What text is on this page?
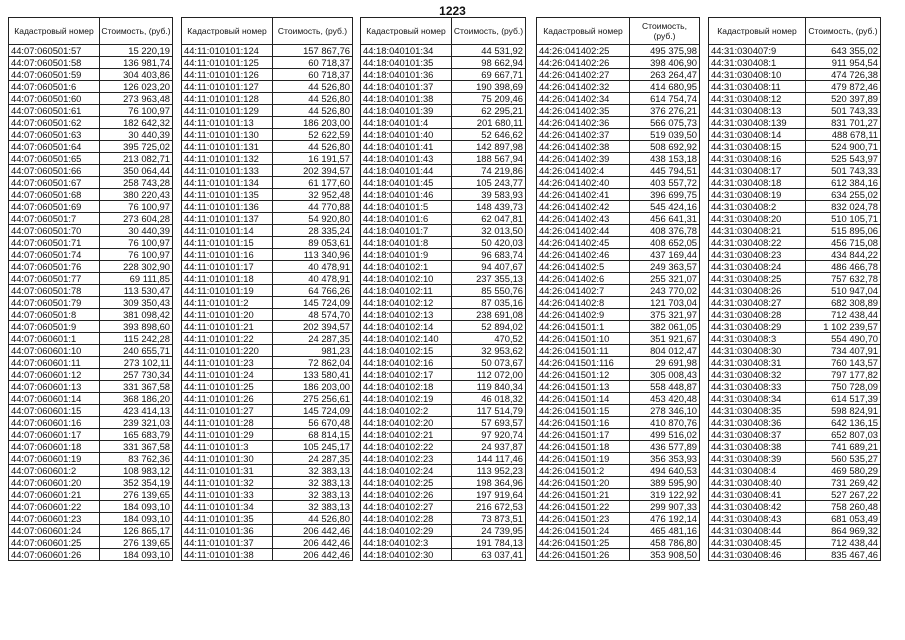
1223
Кадастровый номер	Стоимость, (руб.)
44:07:060501:57	15 220,19
44:07:060501:58	136 981,74
44:07:060501:59	304 403,86
44:07:060501:6	126 023,20
44:07:060501:60	273 963,48
44:07:060501:61	76 100,97
44:07:060501:62	182 642,32
44:07:060501:63	30 440,39
44:07:060501:64	395 725,02
44:07:060501:65	213 082,71
44:07:060501:66	350 064,44
44:07:060501:67	258 743,28
44:07:060501:68	380 220,43
44:07:060501:69	76 100,97
44:07:060501:7	273 604,28
44:07:060501:70	30 440,39
44:07:060501:71	76 100,97
44:07:060501:74	76 100,97
44:07:060501:76	228 302,90
44:07:060501:77	69 111,85
44:07:060501:78	113 530,47
44:07:060501:79	309 350,43
44:07:060501:8	381 098,42
44:07:060501:9	393 898,60
44:07:060601:1	115 242,28
44:07:060601:10	240 655,71
44:07:060601:11	273 102,11
44:07:060601:12	257 730,34
44:07:060601:13	331 367,58
44:07:060601:14	368 186,20
44:07:060601:15	423 414,13
44:07:060601:16	239 321,03
44:07:060601:17	165 683,79
44:07:060601:18	331 367,58
44:07:060601:19	83 762,36
44:07:060601:2	108 983,12
44:07:060601:20	352 354,19
44:07:060601:21	276 139,65
44:07:060601:22	184 093,10
44:07:060601:23	184 093,10
44:07:060601:24	126 865,17
44:07:060601:25	276 139,65
44:07:060601:26	184 093,10
Кадастровый номер	Стоимость, (руб.)
44:11:010101:124	157 867,76
44:11:010101:125	60 718,37
44:11:010101:126	60 718,37
44:11:010101:127	44 526,80
44:11:010101:128	44 526,80
44:11:010101:129	44 526,80
44:11:010101:13	186 203,00
44:11:010101:130	52 622,59
44:11:010101:131	44 526,80
44:11:010101:132	16 191,57
44:11:010101:133	202 394,57
44:11:010101:134	61 177,60
44:11:010101:135	32 952,48
44:11:010101:136	44 770,88
44:11:010101:137	54 920,80
44:11:010101:14	28 335,24
44:11:010101:15	89 053,61
44:11:010101:16	113 340,96
44:11:010101:17	40 478,91
44:11:010101:18	40 478,91
44:11:010101:19	64 766,26
44:11:010101:2	145 724,09
44:11:010101:20	48 574,70
44:11:010101:21	202 394,57
44:11:010101:22	24 287,35
44:11:010101:220	981,23
44:11:010101:23	72 862,04
44:11:010101:24	133 580,41
44:11:010101:25	186 203,00
44:11:010101:26	275 256,61
44:11:010101:27	145 724,09
44:11:010101:28	56 670,48
44:11:010101:29	68 814,15
44:11:010101:3	105 245,17
44:11:010101:30	24 287,35
44:11:010101:31	32 383,13
44:11:010101:32	32 383,13
44:11:010101:33	32 383,13
44:11:010101:34	32 383,13
44:11:010101:35	44 526,80
44:11:010101:36	206 442,46
44:11:010101:37	206 442,46
44:11:010101:38	206 442,46
Кадастровый номер	Стоимость, (руб.)
44:18:040101:34	44 531,92
44:18:040101:35	98 662,94
44:18:040101:36	69 667,71
44:18:040101:37	190 398,69
44:18:040101:38	75 209,46
44:18:040101:39	62 295,21
44:18:040101:4	201 680,11
44:18:040101:40	52 646,62
44:18:040101:41	142 897,98
44:18:040101:43	188 567,94
44:18:040101:44	74 219,86
44:18:040101:45	105 243,77
44:18:040101:46	39 583,93
44:18:040101:5	148 439,73
44:18:040101:6	62 047,81
44:18:040101:7	32 013,50
44:18:040101:8	50 420,03
44:18:040101:9	96 683,74
44:18:040102:1	94 407,67
44:18:040102:10	237 355,13
44:18:040102:11	85 550,76
44:18:040102:12	87 035,16
44:18:040102:13	238 691,08
44:18:040102:14	52 894,02
44:18:040102:140	470,52
44:18:040102:15	32 953,62
44:18:040102:16	50 073,67
44:18:040102:17	112 072,00
44:18:040102:18	119 840,34
44:18:040102:19	46 018,32
44:18:040102:2	117 514,79
44:18:040102:20	57 693,57
44:18:040102:21	97 920,74
44:18:040102:22	24 937,87
44:18:040102:23	144 117,46
44:18:040102:24	113 952,23
44:18:040102:25	198 364,96
44:18:040102:26	197 919,64
44:18:040102:27	216 672,53
44:18:040102:28	73 873,51
44:18:040102:29	24 739,95
44:18:040102:3	191 784,13
44:18:040102:30	63 037,41
Кадастровый номер	Стоимость, (руб.)
44:26:041402:25	495 375,98
44:26:041402:26	398 406,90
44:26:041402:27	263 264,47
44:26:041402:32	414 680,95
44:26:041402:34	614 754,74
44:26:041402:35	376 276,21
44:26:041402:36	566 075,73
44:26:041402:37	519 039,50
44:26:041402:38	508 692,92
44:26:041402:39	438 153,18
44:26:041402:4	445 794,51
44:26:041402:40	403 557,72
44:26:041402:41	396 699,75
44:26:041402:42	545 424,16
44:26:041402:43	456 641,31
44:26:041402:44	408 376,78
44:26:041402:45	408 652,05
44:26:041402:46	437 169,44
44:26:041402:5	249 363,57
44:26:041402:6	255 321,07
44:26:041402:7	243 770,02
44:26:041402:8	121 703,04
44:26:041402:9	375 321,97
44:26:041501:1	382 061,05
44:26:041501:10	351 921,67
44:26:041501:11	804 012,47
44:26:041501:116	29 691,98
44:26:041501:12	305 008,43
44:26:041501:13	558 448,87
44:26:041501:14	453 420,48
44:26:041501:15	278 346,10
44:26:041501:16	410 870,76
44:26:041501:17	499 516,02
44:26:041501:18	436 577,89
44:26:041501:19	356 353,93
44:26:041501:2	494 640,53
44:26:041501:20	389 595,90
44:26:041501:21	319 122,92
44:26:041501:22	299 907,33
44:26:041501:23	476 192,14
44:26:041501:24	465 481,16
44:26:041501:25	458 786,80
44:26:041501:26	353 908,50
Кадастровый номер	Стоимость, (руб.)
44:31:030407:9	643 355,02
44:31:030408:1	911 954,54
44:31:030408:10	474 726,38
44:31:030408:11	479 872,46
44:31:030408:12	520 397,89
44:31:030408:13	501 743,33
44:31:030408:139	831 701,27
44:31:030408:14	488 678,11
44:31:030408:15	524 900,71
44:31:030408:16	525 543,97
44:31:030408:17	501 743,33
44:31:030408:18	612 384,16
44:31:030408:19	634 255,02
44:31:030408:2	832 024,78
44:31:030408:20	510 105,71
44:31:030408:21	515 895,06
44:31:030408:22	456 715,08
44:31:030408:23	434 844,22
44:31:030408:24	486 466,78
44:31:030408:25	757 632,78
44:31:030408:26	510 947,04
44:31:030408:27	682 308,89
44:31:030408:28	712 438,44
44:31:030408:29	1 102 239,57
44:31:030408:3	554 490,70
44:31:030408:30	734 407,91
44:31:030408:31	760 143,57
44:31:030408:32	797 177,82
44:31:030408:33	750 728,09
44:31:030408:34	614 517,39
44:31:030408:35	598 824,91
44:31:030408:36	642 136,15
44:31:030408:37	652 807,03
44:31:030408:38	741 689,21
44:31:030408:39	560 535,27
44:31:030408:4	469 580,29
44:31:030408:40	731 269,42
44:31:030408:41	527 267,22
44:31:030408:42	758 260,48
44:31:030408:43	681 053,49
44:31:030408:44	864 969,32
44:31:030408:45	712 438,44
44:31:030408:46	835 467,46
